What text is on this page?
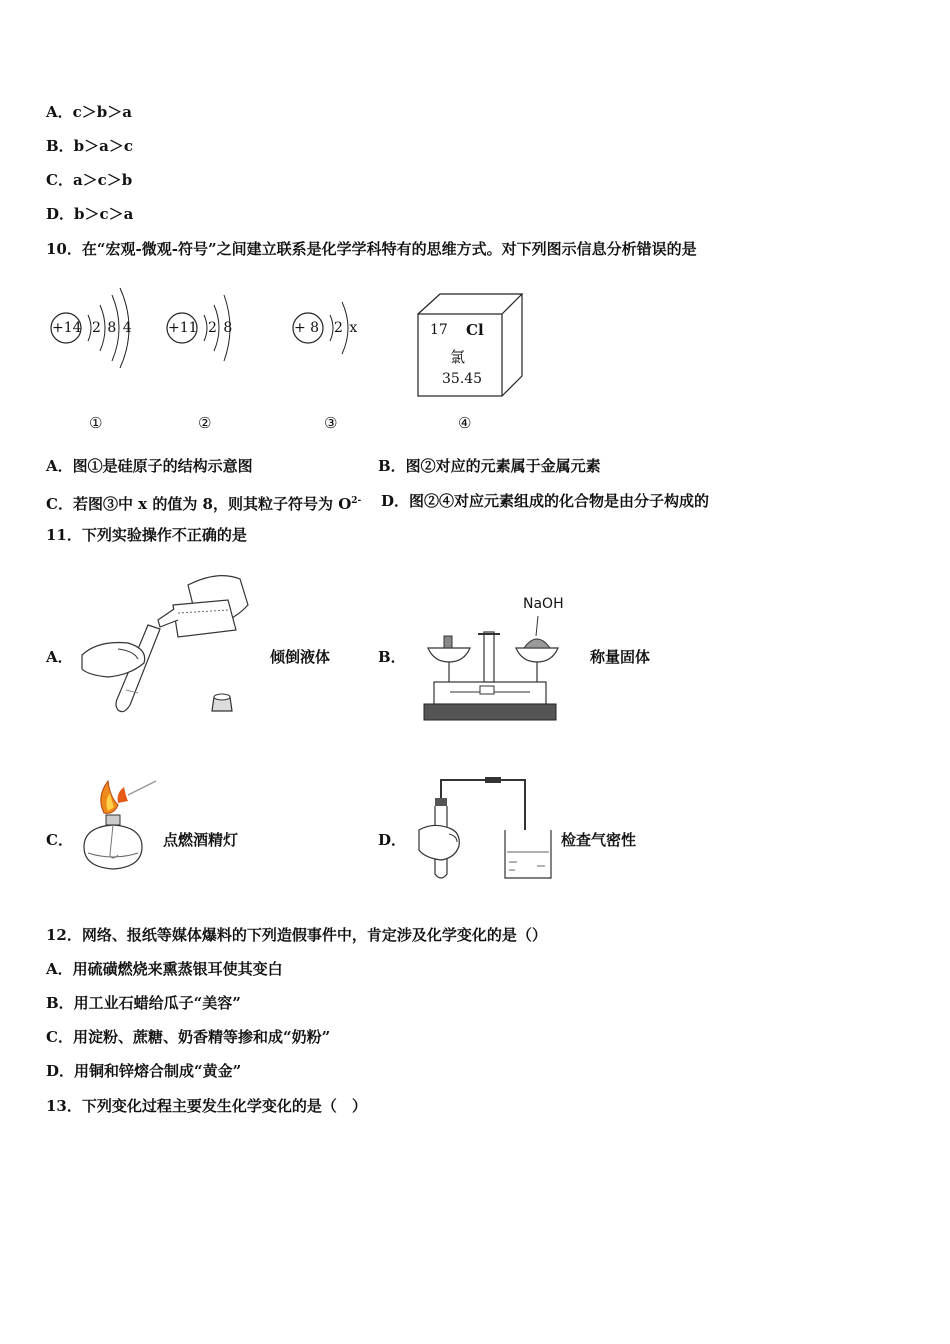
A．c＞b＞a
B．b＞a＞c
C．a＞c＞b
D．b＞c＞a
10．在“宏观-微观-符号”之间建立联系是化学学科特有的思维方式。对下列图示信息分析错误的是
+14 2 8 4
①
+11 2 8
②
+ 8 2 x
③
17 Cl
氯
35.45
④
A．图①是硅原子的结构示意图	B．图②对应的元素属于金属元素
C．若图③中 x 的值为 8，则其粒子符号为 $O^{2-}$ D．图②④对应元素组成的化合物是由分子构成的
11．下列实验操作不正确的是
A．	倾倒液体	B．
NaOH
称量固体
C．	点燃酒精灯	D．	检查气密性
12．网络、报纸等媒体爆料的下列造假事件中，肯定涉及化学变化的是（）
A．用硫磺燃烧来熏蒸银耳使其变白
B．用工业石蜡给瓜子“美容”
C．用淀粉、蔗糖、奶香精等掺和成“奶粉”
D．用铜和锌熔合制成“黄金”
13．下列变化过程主要发生化学变化的是（　）
